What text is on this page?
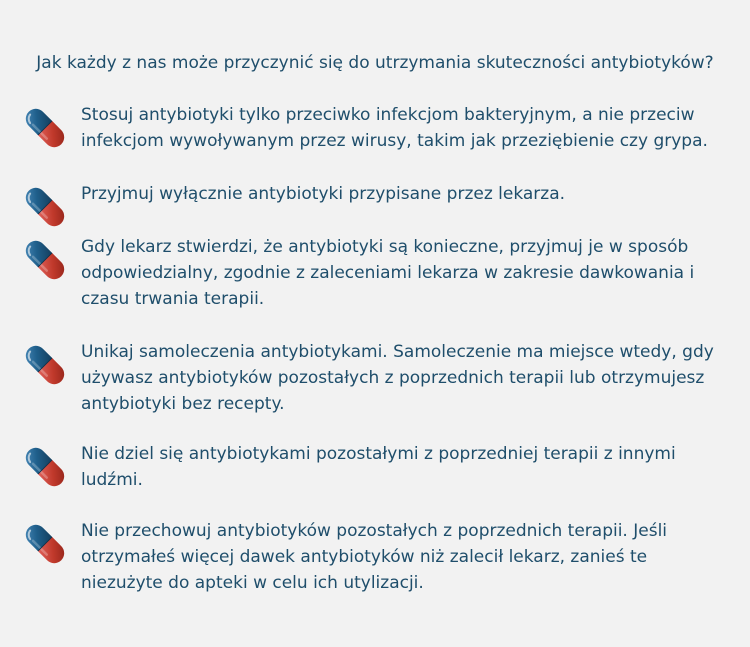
Jak każdy z nas może przyczynić się do utrzymania skuteczności antybiotyków?

Stosuj antybiotyki tylko przeciwko infekcjom bakteryjnym, a nie przeciw infekcjom wywoływanym przez wirusy, takim jak przeziębienie czy grypa.

Przyjmuj wyłącznie antybiotyki przypisane przez lekarza.

Gdy lekarz stwierdzi, że antybiotyki są konieczne, przyjmuj je w sposób odpowiedzialny, zgodnie z zaleceniami lekarza w zakresie dawkowania i czasu trwania terapii.

Unikaj samoleczenia antybiotykami. Samoleczenie ma miejsce wtedy, gdy używasz antybiotyków pozostałych z poprzednich terapii lub otrzymujesz antybiotyki bez recepty.

Nie dziel się antybiotykami pozostałymi z poprzedniej terapii z innymi ludźmi.

Nie przechowuj antybiotyków pozostałych z poprzednich terapii. Jeśli otrzymałeś więcej dawek antybiotyków niż zalecił lekarz, zanieś te niezużyte do apteki w celu ich utylizacji.
